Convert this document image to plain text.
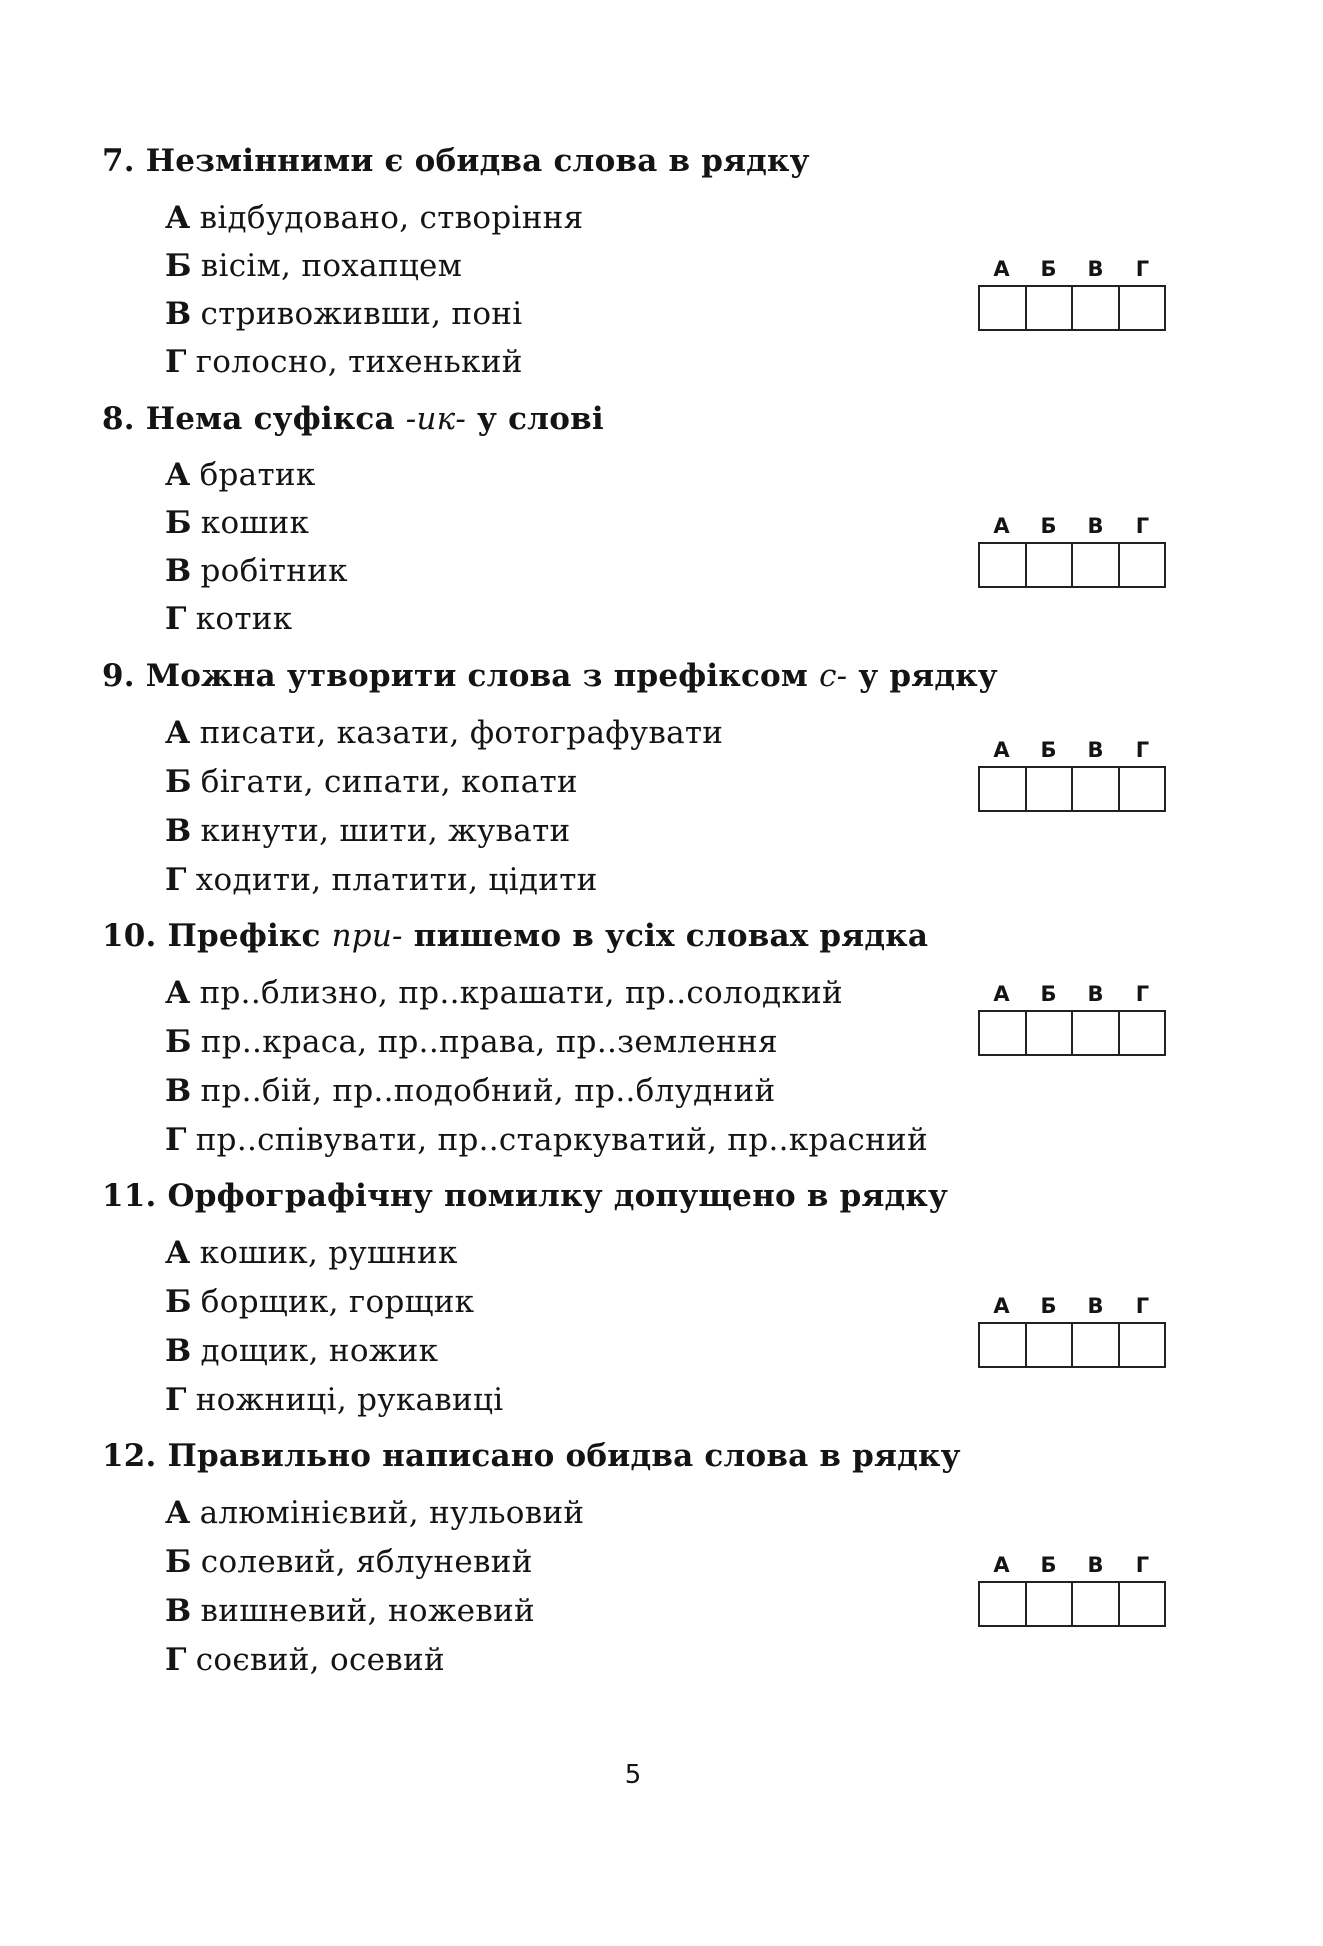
7. Незмінними є обидва слова в рядку
А відбудовано, створіння
Б вісім, похапцем
В стривоживши, поні
Г голосно, тихенький
А	Б	В	Г
8. Нема суфікса -ик- у слові
А братик
Б кошик
В робітник
Г котик
А	Б	В	Г
9. Можна утворити слова з префіксом с- у рядку
А писати, казати, фотографувати
Б бігати, сипати, копати
В кинути, шити, жувати
Г ходити, платити, цідити
А	Б	В	Г
10. Префікс при- пишемо в усіх словах рядка
А пр..близно, пр..крашати, пр..солодкий
Б пр..краса, пр..права, пр..землення
В пр..бій, пр..подобний, пр..блудний
Г пр..співувати, пр..старкуватий, пр..красний
А	Б	В	Г
11. Орфографічну помилку допущено в рядку
А кошик, рушник
Б борщик, горщик
В дощик, ножик
Г ножниці, рукавиці
А	Б	В	Г
12. Правильно написано обидва слова в рядку
А алюмінієвий, нульовий
Б солевий, яблуневий
В вишневий, ножевий
Г соєвий, осевий
А	Б	В	Г
5
